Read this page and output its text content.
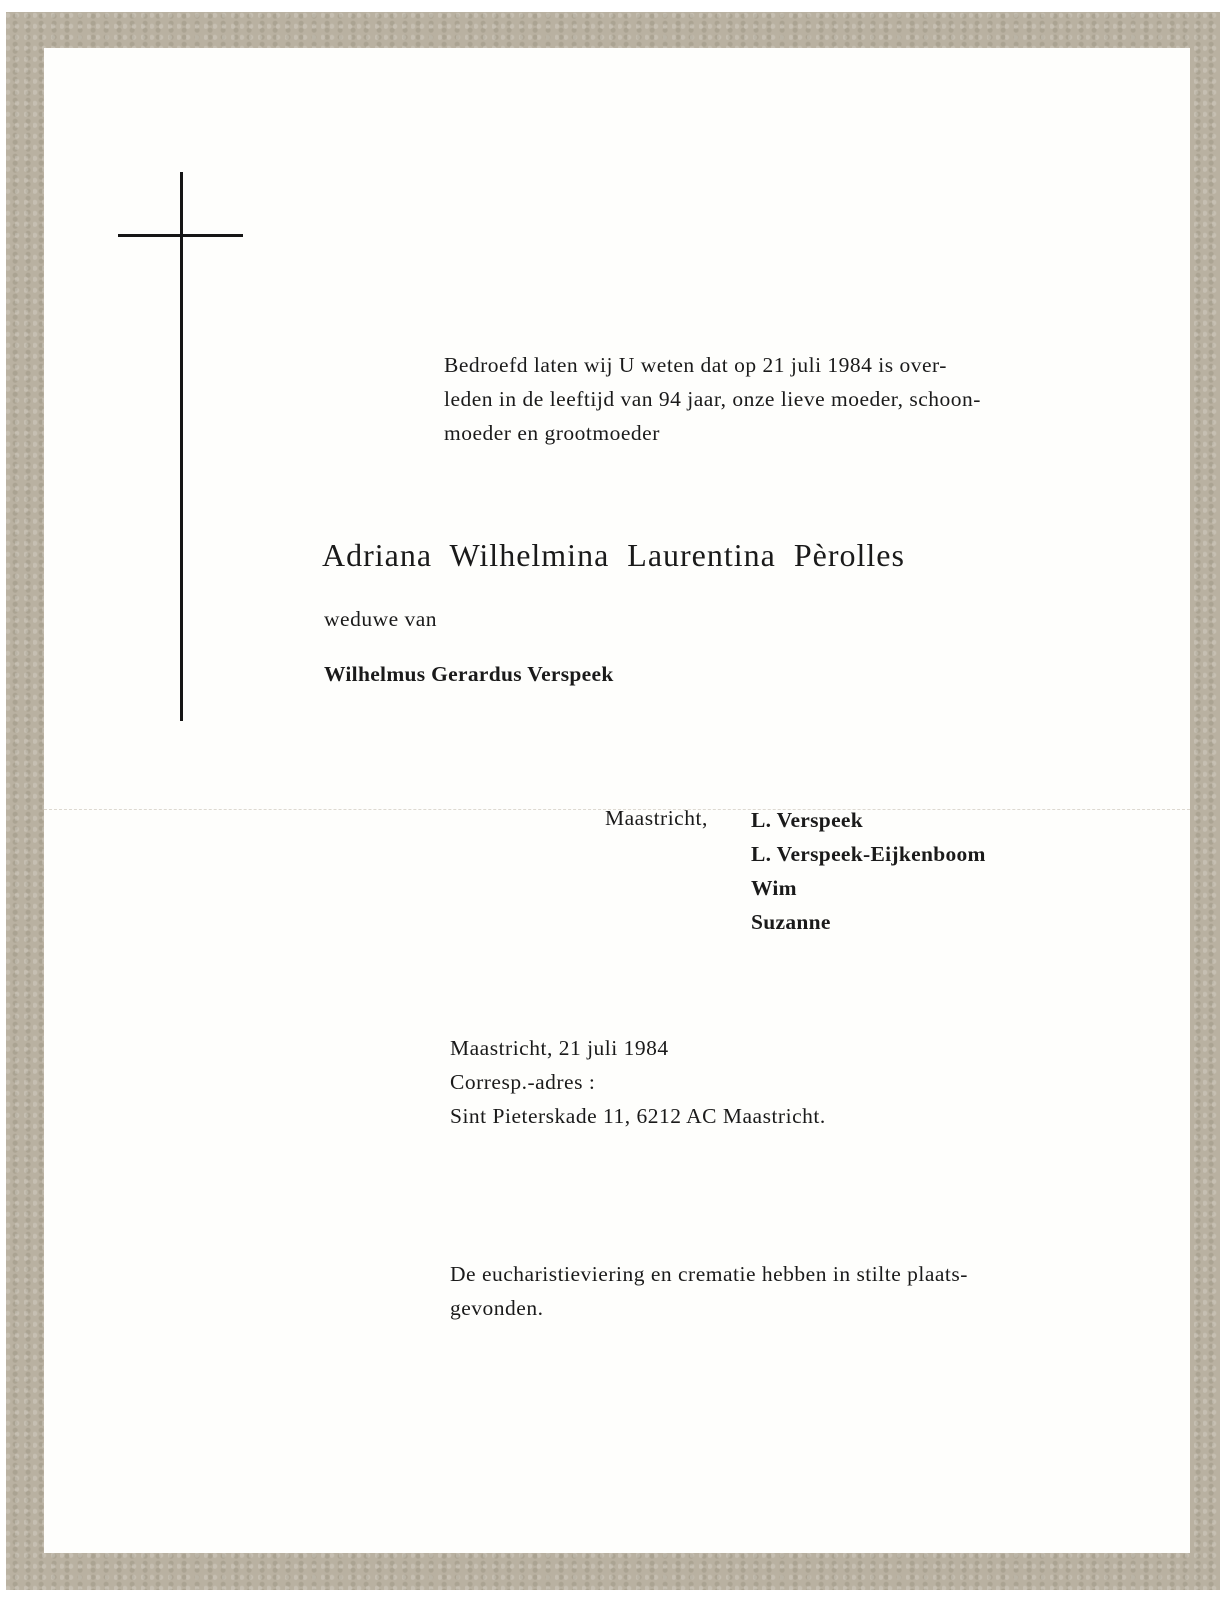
Bedroefd laten wij U weten dat op 21 juli 1984 is over-
leden in de leeftijd van 94 jaar, onze lieve moeder, schoon-
moeder en grootmoeder
Adriana  Wilhelmina  Laurentina  Pèrolles
weduwe van
Wilhelmus Gerardus Verspeek
Maastricht, L. Verspeek
L. Verspeek-Eijkenboom
Wim
Suzanne
Maastricht, 21 juli 1984
Corresp.-adres :
Sint Pieterskade 11, 6212 AC Maastricht.
De eucharistieviering en crematie hebben in stilte plaats-
gevonden.
